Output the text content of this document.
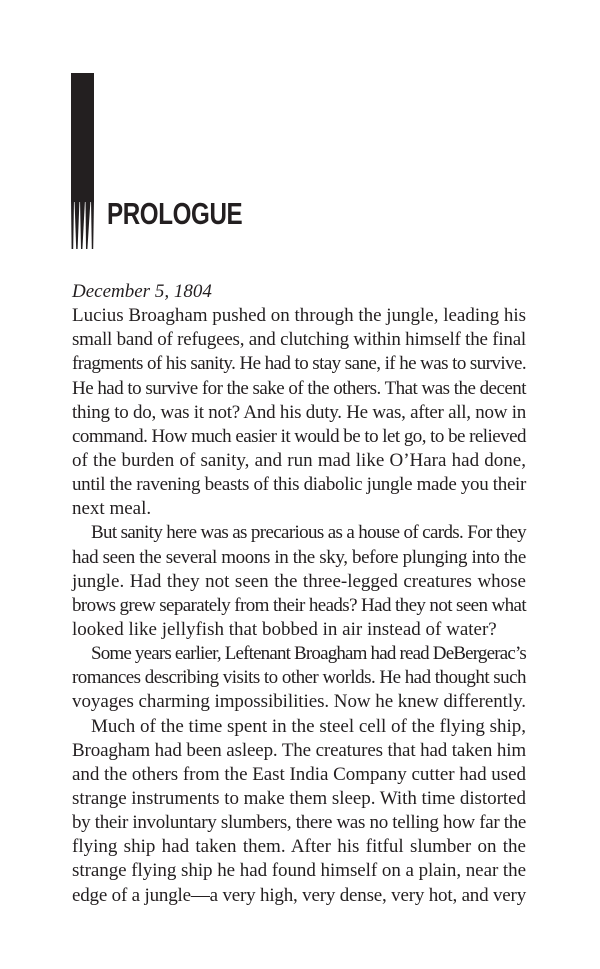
PROLOGUE
December 5, 1804
Lucius Broagham pushed on through the jungle, leading his
small band of refugees, and clutching within himself the final
fragments of his sanity. He had to stay sane, if he was to survive.
He had to survive for the sake of the others. That was the decent
thing to do, was it not? And his duty. He was, after all, now in
command. How much easier it would be to let go, to be relieved
of the burden of sanity, and run mad like O’Hara had done,
until the ravening beasts of this diabolic jungle made you their
next meal.
But sanity here was as precarious as a house of cards. For they
had seen the several moons in the sky, before plunging into the
jungle. Had they not seen the three-legged creatures whose
brows grew separately from their heads? Had they not seen what
looked like jellyfish that bobbed in air instead of water?
Some years earlier, Leftenant Broagham had read DeBergerac’s
romances describing visits to other worlds. He had thought such
voyages charming impossibilities. Now he knew differently.
Much of the time spent in the steel cell of the flying ship,
Broagham had been asleep. The creatures that had taken him
and the others from the East India Company cutter had used
strange instruments to make them sleep. With time distorted
by their involuntary slumbers, there was no telling how far the
flying ship had taken them. After his fitful slumber on the
strange flying ship he had found himself on a plain, near the
edge of a jungle—a very high, very dense, very hot, and very
